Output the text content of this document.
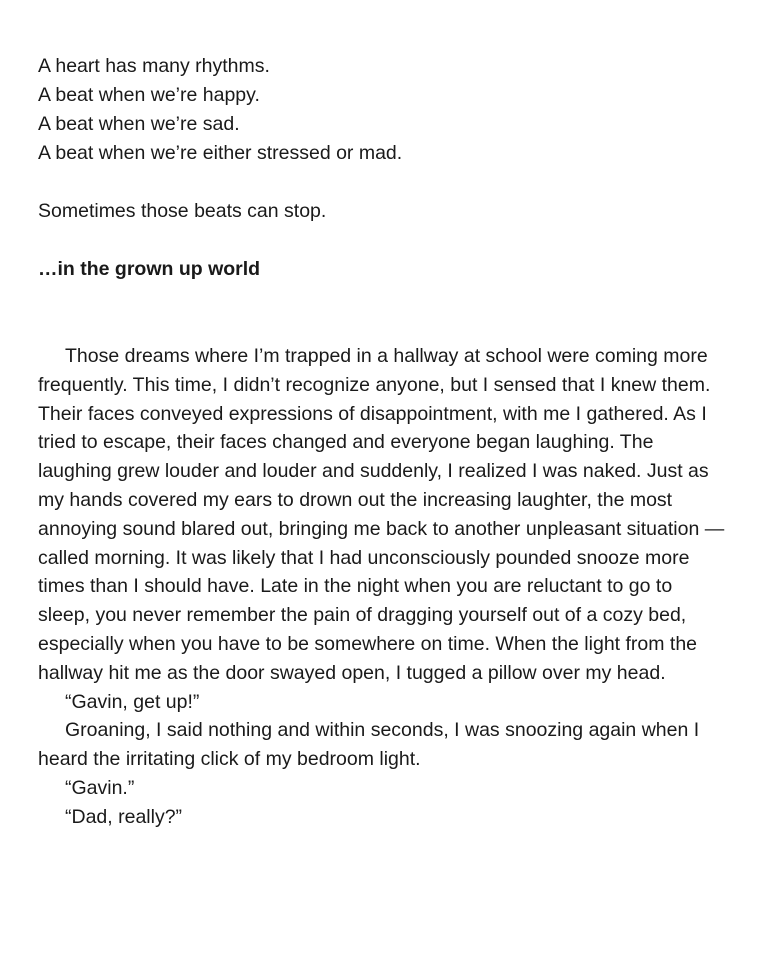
A heart has many rhythms.

A beat when we’re happy.

A beat when we’re sad.

A beat when we’re either stressed or mad.

Sometimes those beats can stop.

…in the grown up world

Those dreams where I’m trapped in a hallway at school were coming more frequently. This time, I didn’t recognize anyone, but I sensed that I knew them. Their faces conveyed expressions of disappointment, with me I gathered. As I tried to escape, their faces changed and everyone began laughing. The laughing grew louder and louder and suddenly, I realized I was naked. Just as my hands covered my ears to drown out the increasing laughter, the most annoying sound blared out, bringing me back to another unpleasant situation — called morning. It was likely that I had unconsciously pounded snooze more times than I should have. Late in the night when you are reluctant to go to sleep, you never remember the pain of dragging yourself out of a cozy bed, especially when you have to be somewhere on time. When the light from the hallway hit me as the door swayed open, I tugged a pillow over my head.

“Gavin, get up!”

Groaning, I said nothing and within seconds, I was snoozing again when I heard the irritating click of my bedroom light.

“Gavin.”

“Dad, really?”
